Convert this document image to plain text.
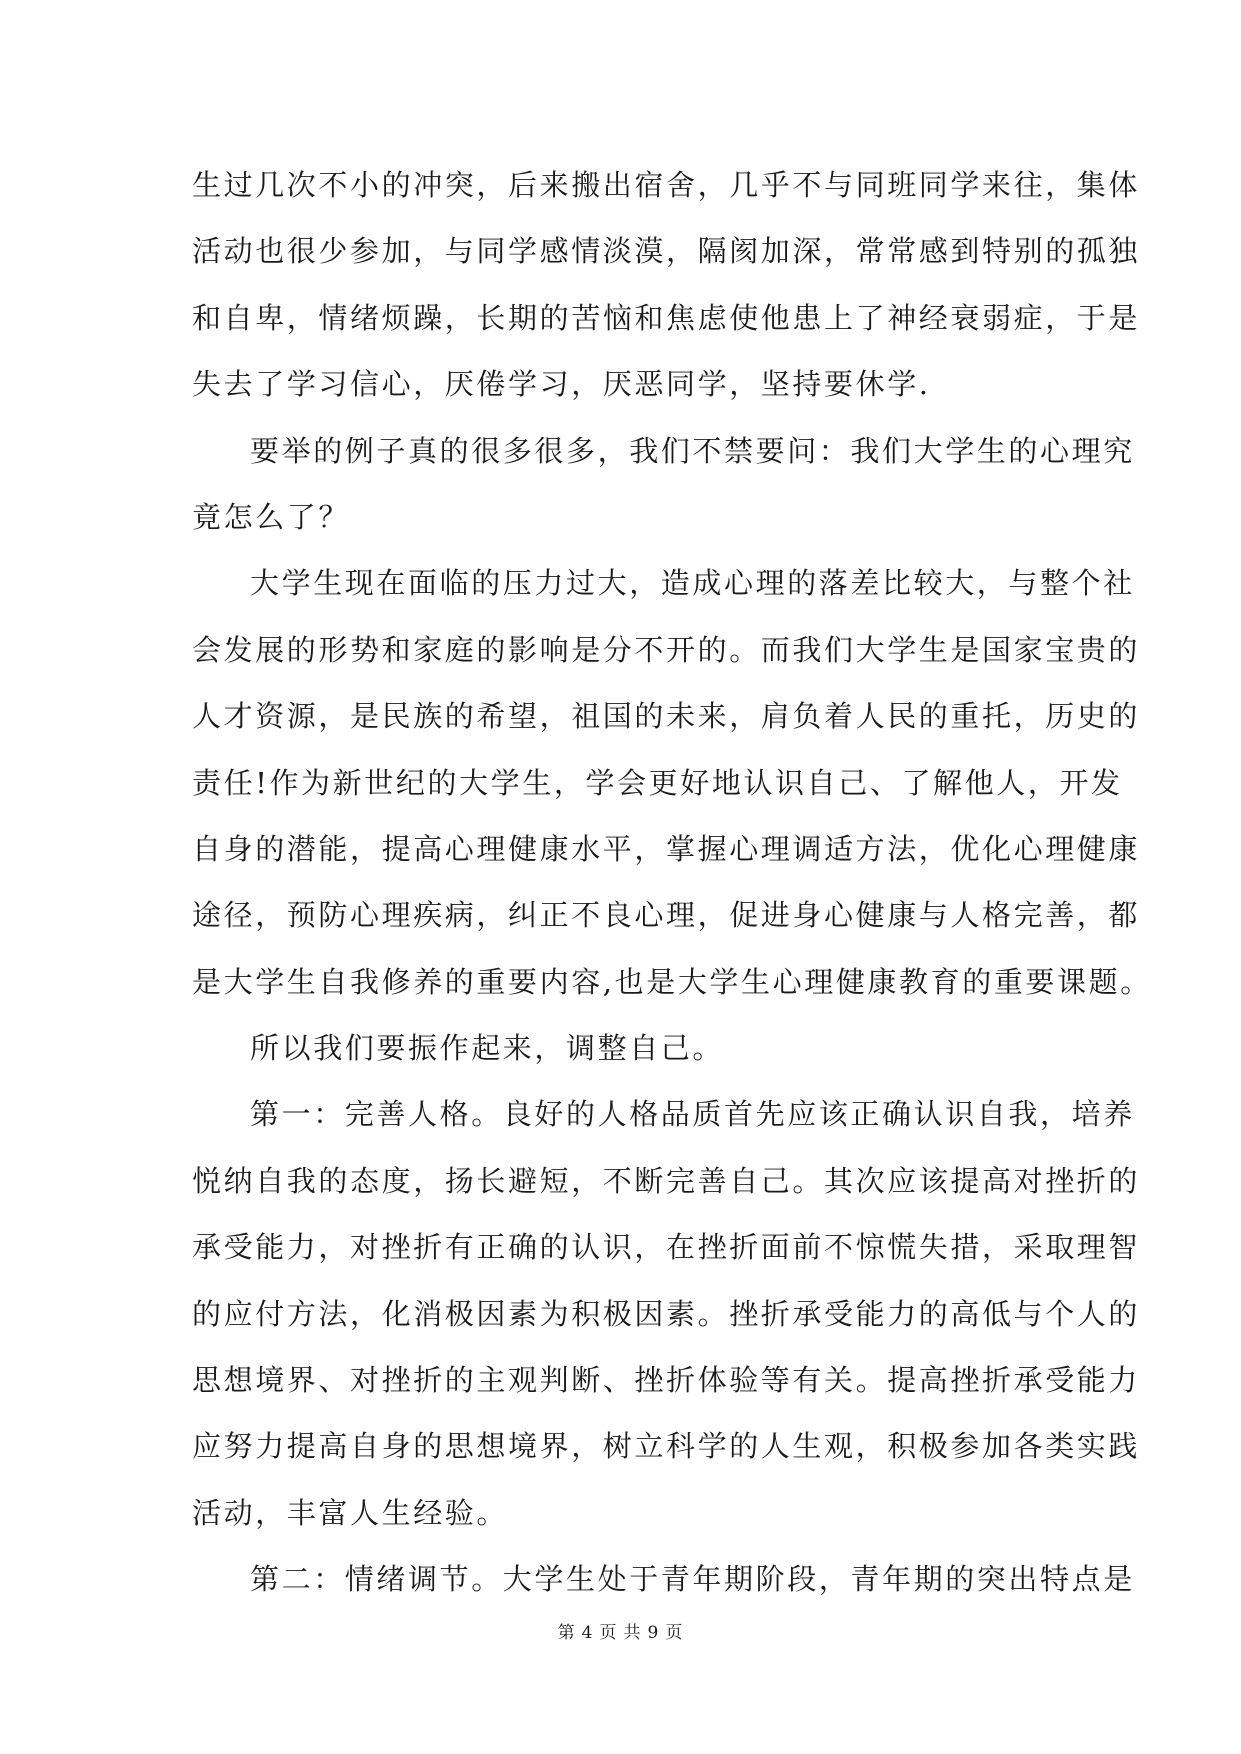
生过几次不小的冲突，后来搬出宿舍，几乎不与同班同学来往，集体
活动也很少参加，与同学感情淡漠，隔阂加深，常常感到特别的孤独
和自卑，情绪烦躁，长期的苦恼和焦虑使他患上了神经衰弱症，于是
失去了学习信心，厌倦学习，厌恶同学，坚持要休学.
要举的例子真的很多很多，我们不禁要问：我们大学生的心理究
竟怎么了？
大学生现在面临的压力过大，造成心理的落差比较大，与整个社
会发展的形势和家庭的影响是分不开的。而我们大学生是国家宝贵的
人才资源，是民族的希望，祖国的未来，肩负着人民的重托，历史的
责任!作为新世纪的大学生，学会更好地认识自己、了解他人，开发
自身的潜能，提高心理健康水平，掌握心理调适方法，优化心理健康
途径，预防心理疾病，纠正不良心理，促进身心健康与人格完善，都
是大学生自我修养的重要内容,也是大学生心理健康教育的重要课题。
所以我们要振作起来，调整自己。
第一：完善人格。良好的人格品质首先应该正确认识自我，培养
悦纳自我的态度，扬长避短，不断完善自己。其次应该提高对挫折的
承受能力，对挫折有正确的认识，在挫折面前不惊慌失措，采取理智
的应付方法，化消极因素为积极因素。挫折承受能力的高低与个人的
思想境界、对挫折的主观判断、挫折体验等有关。提高挫折承受能力
应努力提高自身的思想境界，树立科学的人生观，积极参加各类实践
活动，丰富人生经验。
第二：情绪调节。大学生处于青年期阶段，青年期的突出特点是
第 4 页 共 9 页
